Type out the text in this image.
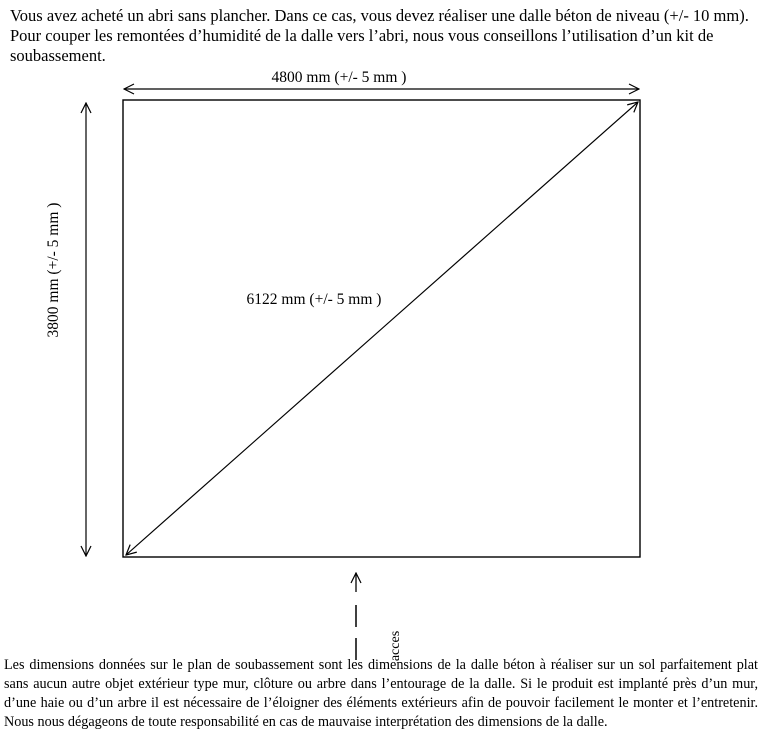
Vous avez acheté un abri sans plancher. Dans ce cas, vous devez réaliser une dalle béton de niveau (+/- 10 mm). Pour couper les remontées d’humidité de la dalle vers l’abri, nous vous conseillons l’utilisation d’un kit de soubassement.

4800 mm (+/- 5 mm )
3800 mm (+/- 5 mm )	6122 mm (+/- 5 mm )
acces

Les dimensions données sur le plan de soubassement sont les dimensions de la dalle béton à réaliser sur un sol parfaitement plat sans aucun autre objet extérieur type mur, clôture ou arbre dans l’entourage de la dalle. Si le produit est implanté près d’un mur, d’une haie ou d’un arbre il est nécessaire de l’éloigner des éléments extérieurs afin de pouvoir facilement le monter et l’entretenir. Nous nous dégageons de toute responsabilité en cas de mauvaise interprétation des dimensions de la dalle.
